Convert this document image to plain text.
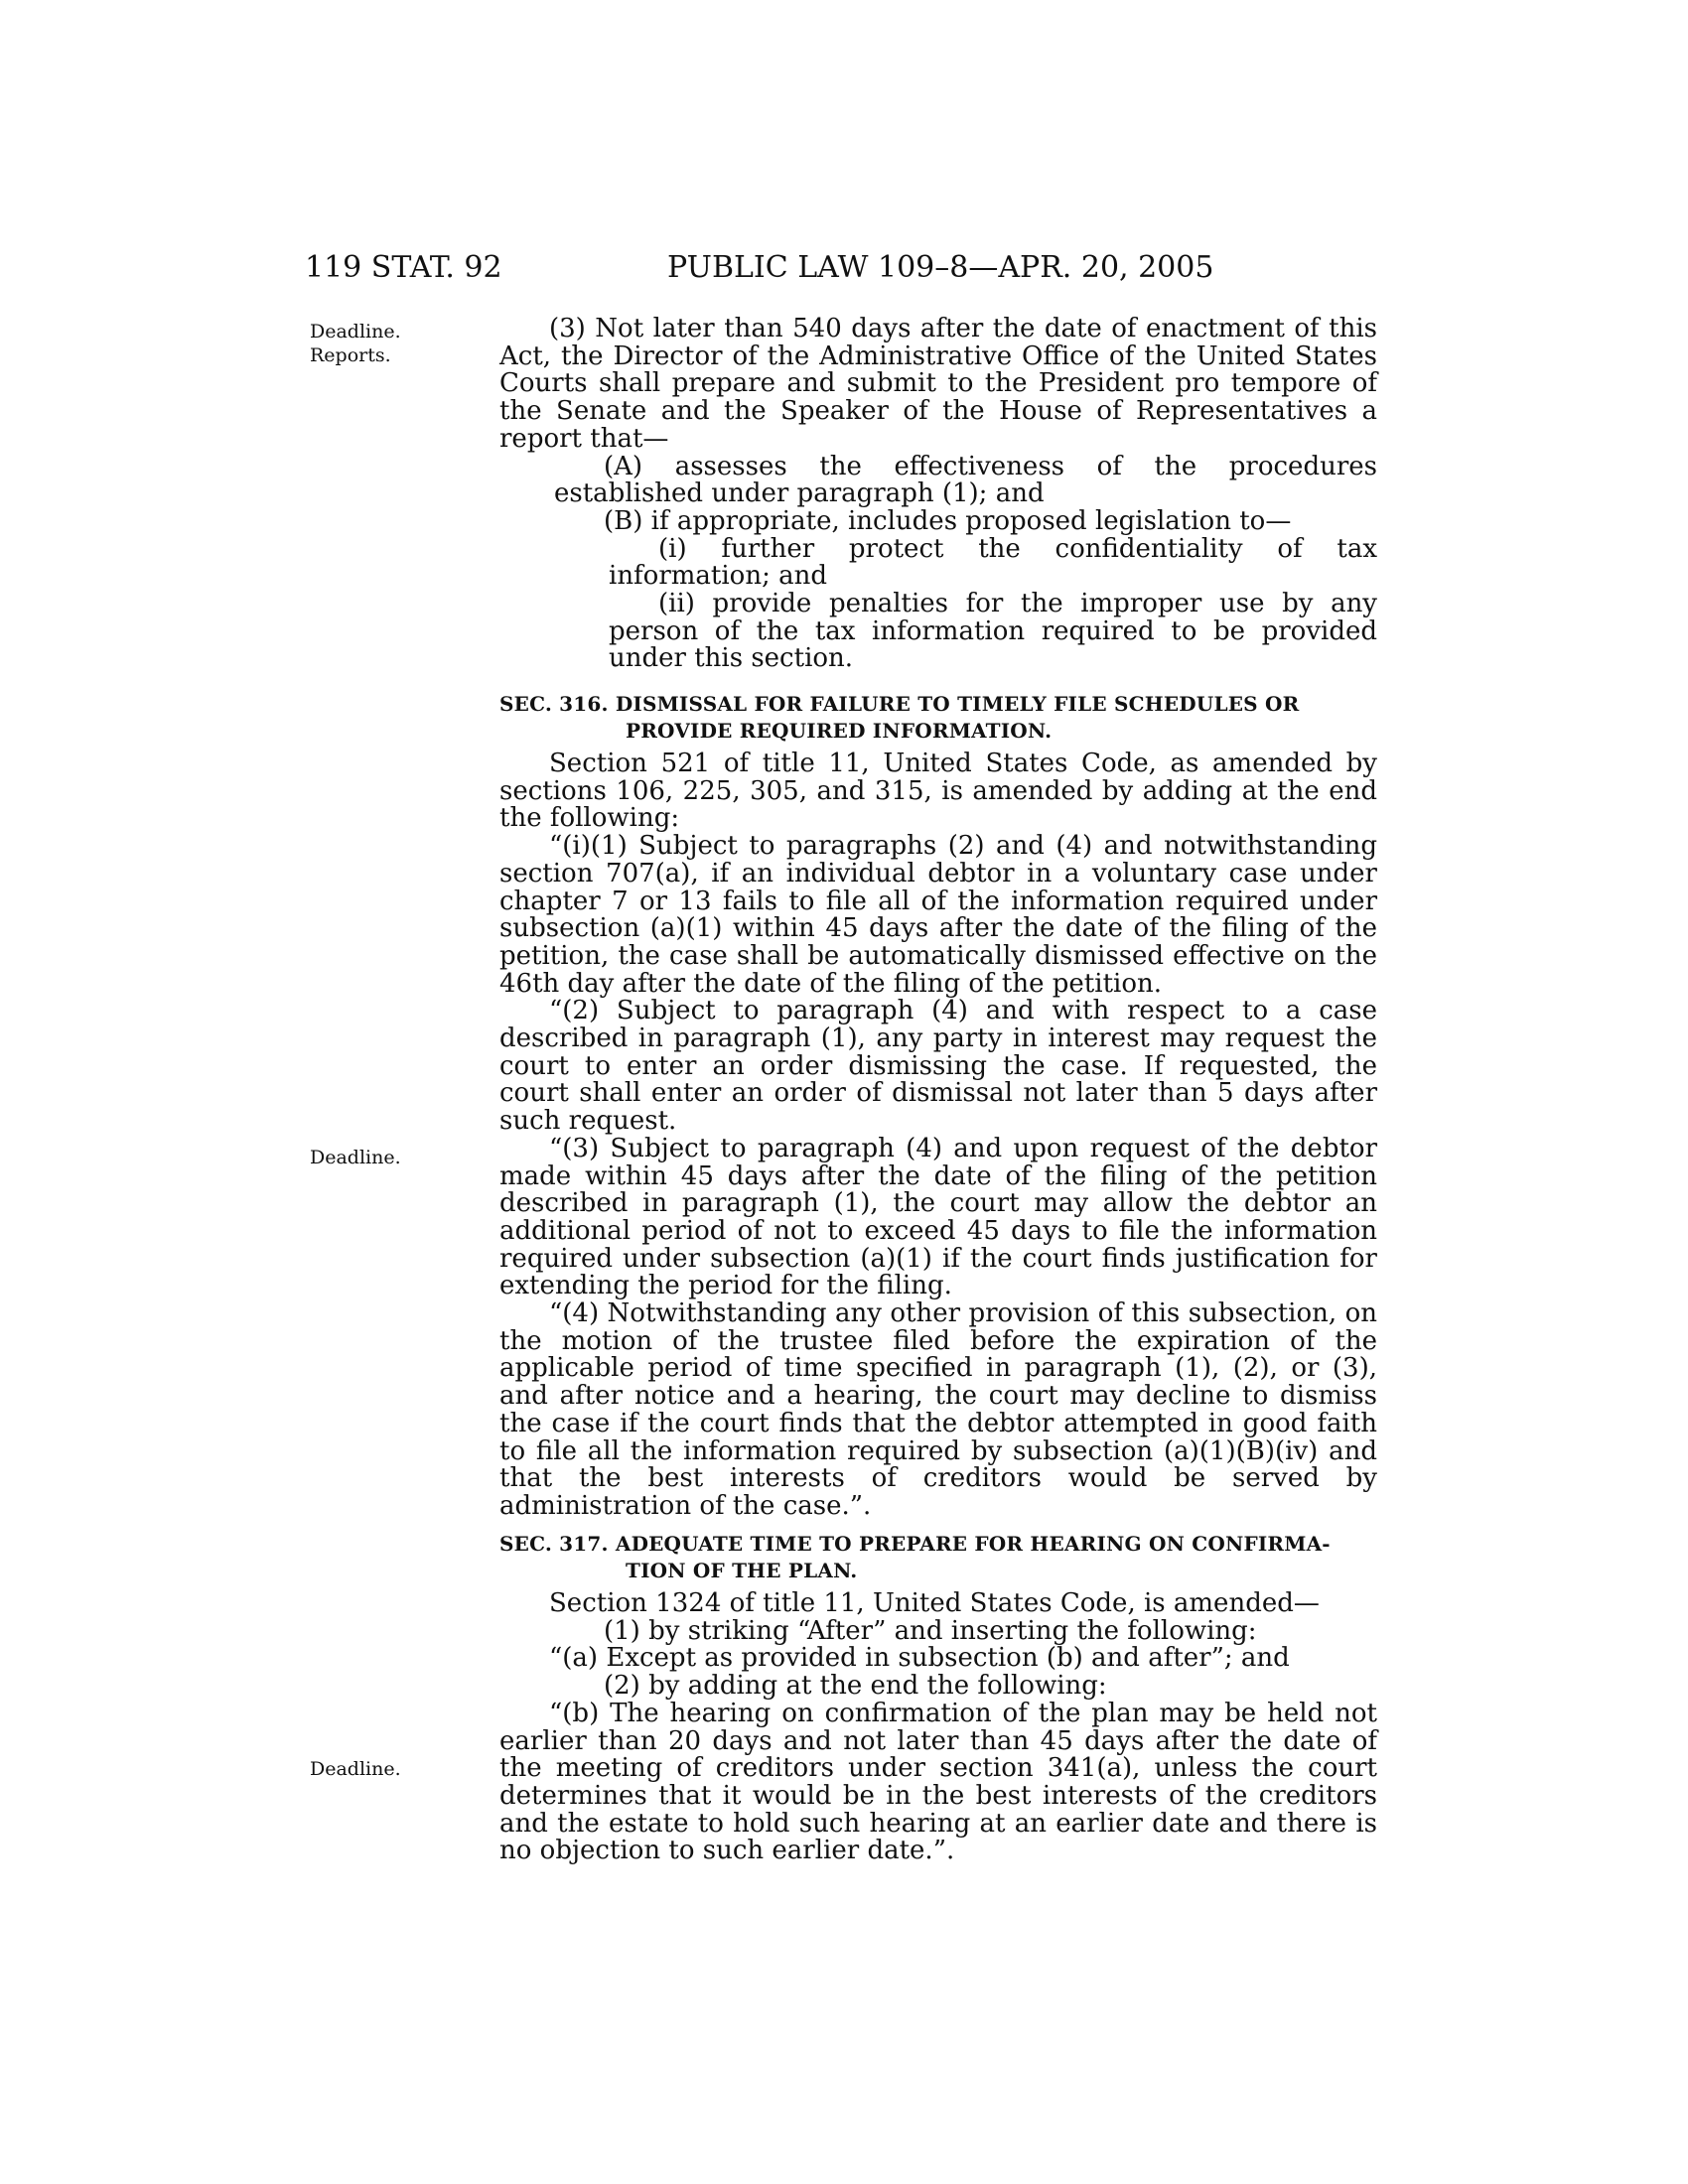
119 STAT. 92	PUBLIC LAW 109–8—APR. 20, 2005
Deadline.
Reports.
Deadline.
Deadline.

(3) Not later than 540 days after the date of enactment of this Act, the Director of the Administrative Office of the United States Courts shall prepare and submit to the President pro tempore of the Senate and the Speaker of the House of Representatives a report that—

(A) assesses the effectiveness of the procedures established under paragraph (1); and

(B) if appropriate, includes proposed legislation to—

(i) further protect the confidentiality of tax information; and

(ii) provide penalties for the improper use by any person of the tax information required to be provided under this section.

SEC. 316. DISMISSAL FOR FAILURE TO TIMELY FILE SCHEDULES OR

PROVIDE REQUIRED INFORMATION.

Section 521 of title 11, United States Code, as amended by sections 106, 225, 305, and 315, is amended by adding at the end the following:

“(i)(1) Subject to paragraphs (2) and (4) and notwithstanding section 707(a), if an individual debtor in a voluntary case under chapter 7 or 13 fails to file all of the information required under subsection (a)(1) within 45 days after the date of the filing of the petition, the case shall be automatically dismissed effective on the 46th day after the date of the filing of the petition.

“(2) Subject to paragraph (4) and with respect to a case described in paragraph (1), any party in interest may request the court to enter an order dismissing the case. If requested, the court shall enter an order of dismissal not later than 5 days after such request.

“(3) Subject to paragraph (4) and upon request of the debtor made within 45 days after the date of the filing of the petition described in paragraph (1), the court may allow the debtor an additional period of not to exceed 45 days to file the information required under subsection (a)(1) if the court finds justification for extending the period for the filing.

“(4) Notwithstanding any other provision of this subsection, on the motion of the trustee filed before the expiration of the applicable period of time specified in paragraph (1), (2), or (3), and after notice and a hearing, the court may decline to dismiss the case if the court finds that the debtor attempted in good faith to file all the information required by subsection (a)(1)(B)(iv) and that the best interests of creditors would be served by administration of the case.”.

SEC. 317. ADEQUATE TIME TO PREPARE FOR HEARING ON CONFIRMA-

TION OF THE PLAN.

Section 1324 of title 11, United States Code, is amended—

(1) by striking “After” and inserting the following:

“(a) Except as provided in subsection (b) and after”; and

(2) by adding at the end the following:

“(b) The hearing on confirmation of the plan may be held not earlier than 20 days and not later than 45 days after the date of the meeting of creditors under section 341(a), unless the court determines that it would be in the best interests of the creditors and the estate to hold such hearing at an earlier date and there is no objection to such earlier date.”.
